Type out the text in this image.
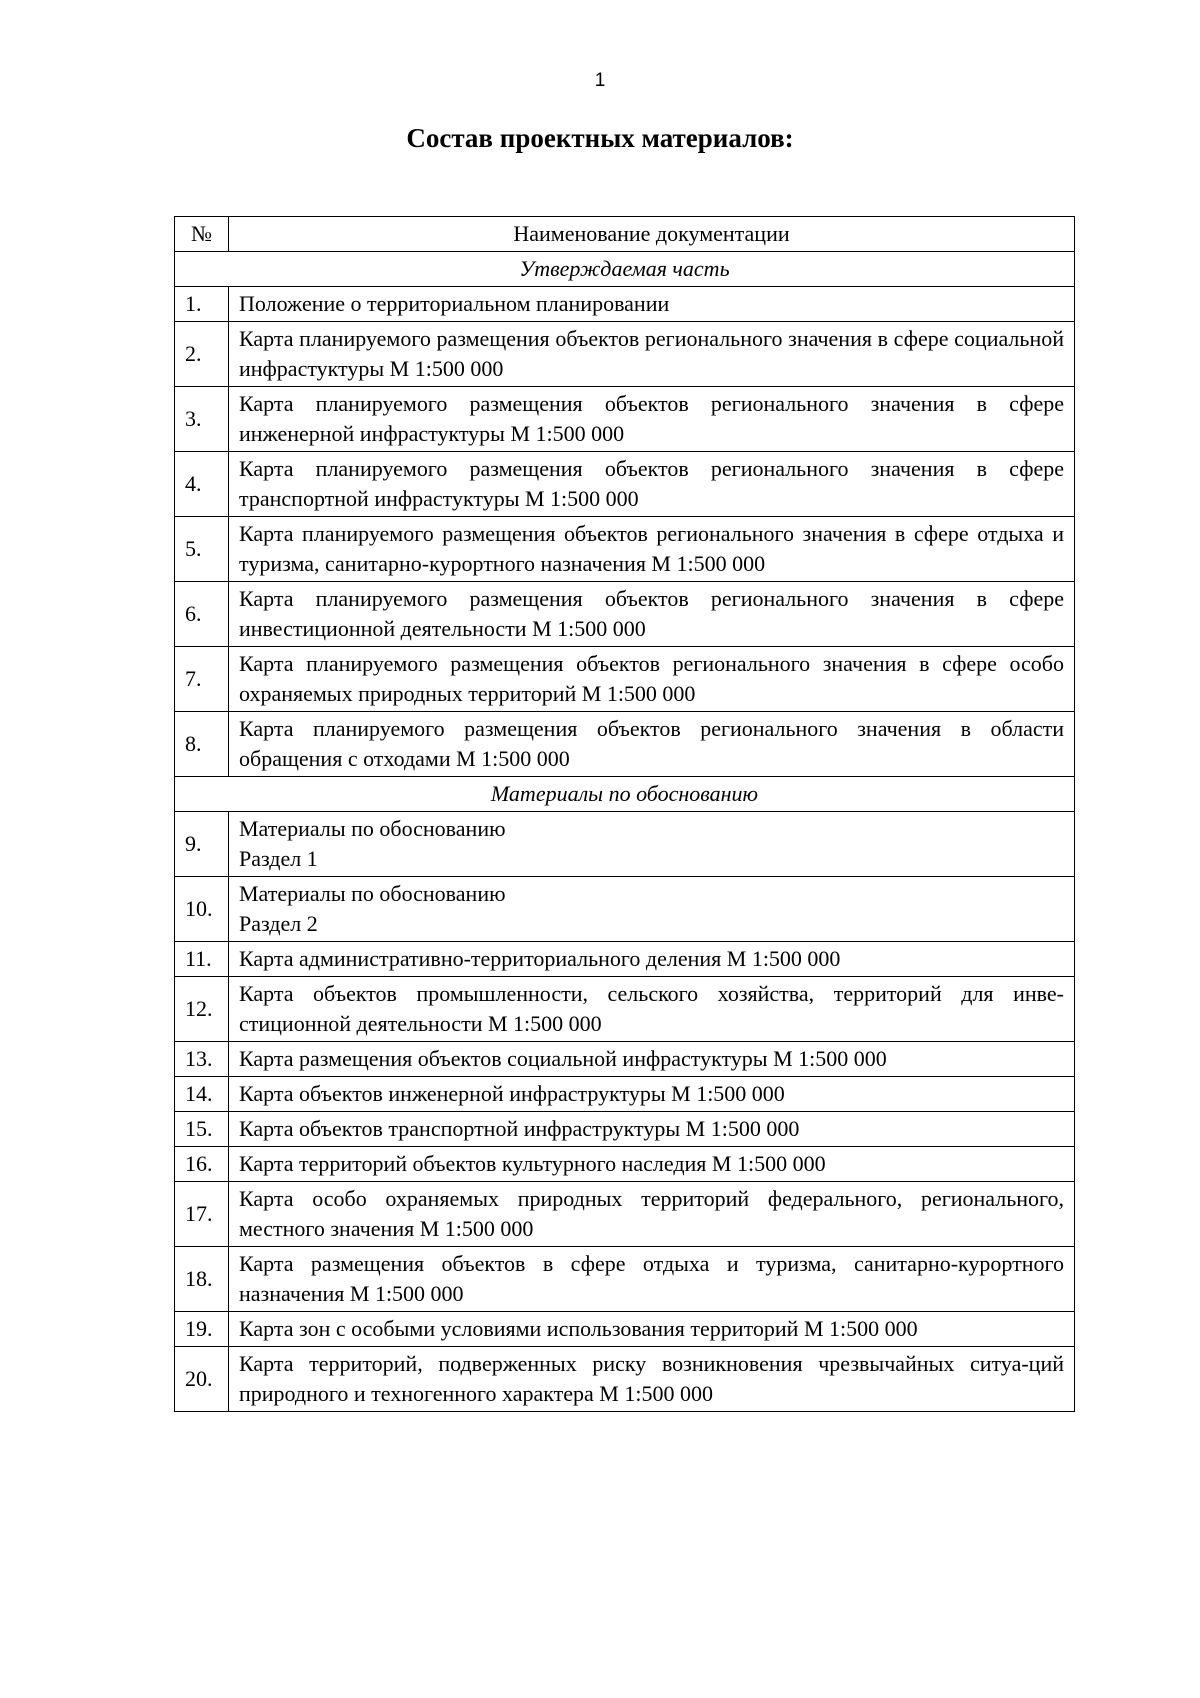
1
Состав проектных материалов:
№	Наименование документации
Утверждаемая часть	
1.	Положение о территориальном планировании
2.	Карта планируемого размещения объектов регионального значения в сфере социальной инфрастуктуры М 1:500 000
3.	Карта планируемого размещения объектов регионального значения в сфере инженерной инфрастуктуры М 1:500 000
4.	Карта планируемого размещения объектов регионального значения в сфере транспортной инфрастуктуры М 1:500 000
5.	Карта планируемого размещения объектов регионального значения в сфере отдыха и туризма, санитарно-курортного назначения М 1:500 000
6.	Карта планируемого размещения объектов регионального значения в сфере инвестиционной деятельности М 1:500 000
7.	Карта планируемого размещения объектов регионального значения в сфере особо охраняемых природных территорий М 1:500 000
8.	Карта планируемого размещения объектов регионального значения в области обращения с отходами М 1:500 000
Материалы по обоснованию	
9.	Материалы по обоснованию
Раздел 1

10.	Материалы по обоснованию
Раздел 2

11.	Карта административно-территориального деления М 1:500 000
12.	Карта объектов промышленности, сельского хозяйства, территорий для инве-стиционной деятельности М 1:500 000
13.	Карта размещения объектов социальной инфрастуктуры М 1:500 000
14.	Карта объектов инженерной инфраструктуры М 1:500 000
15.	Карта объектов транспортной инфраструктуры М 1:500 000
16.	Карта территорий объектов культурного наследия М 1:500 000
17.	Карта особо охраняемых природных территорий федерального, регионального, местного значения М 1:500 000
18.	Карта размещения объектов в сфере отдыха и туризма, санитарно-курортного назначения М 1:500 000
19.	Карта зон с особыми условиями использования территорий М 1:500 000
20.	Карта территорий, подверженных риску возникновения чрезвычайных ситуа-ций природного и техногенного характера М 1:500 000
